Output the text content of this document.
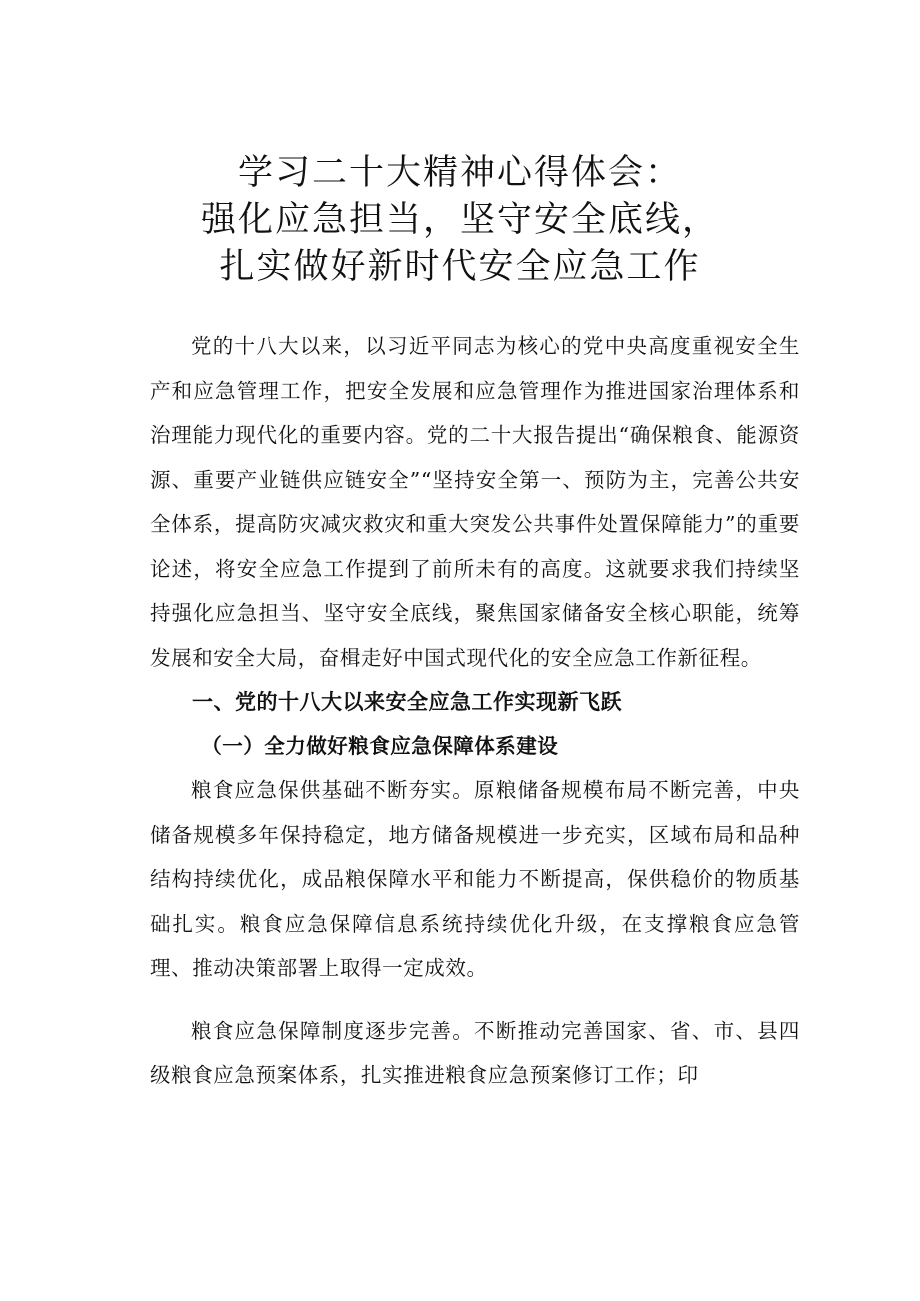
学习二十大精神心得体会：
强化应急担当，坚守安全底线，
扎实做好新时代安全应急工作

党的十八大以来，以习近平同志为核心的党中央高度重视安全生产和应急管理工作，把安全发展和应急管理作为推进国家治理体系和治理能力现代化的重要内容。党的二十大报告提出“确保粮食、能源资源、重要产业链供应链安全”“坚持安全第一、预防为主，完善公共安全体系，提高防灾减灾救灾和重大突发公共事件处置保障能力”的重要论述，将安全应急工作提到了前所未有的高度。这就要求我们持续坚持强化应急担当、坚守安全底线，聚焦国家储备安全核心职能，统筹发展和安全大局，奋楫走好中国式现代化的安全应急工作新征程。

一、党的十八大以来安全应急工作实现新飞跃

（一）全力做好粮食应急保障体系建设

粮食应急保供基础不断夯实。原粮储备规模布局不断完善，中央储备规模多年保持稳定，地方储备规模进一步充实，区域布局和品种结构持续优化，成品粮保障水平和能力不断提高，保供稳价的物质基础扎实。粮食应急保障信息系统持续优化升级，在支撑粮食应急管理、推动决策部署上取得一定成效。

粮食应急保障制度逐步完善。不断推动完善国家、省、市、县四级粮食应急预案体系，扎实推进粮食应急预案修订工作；印
